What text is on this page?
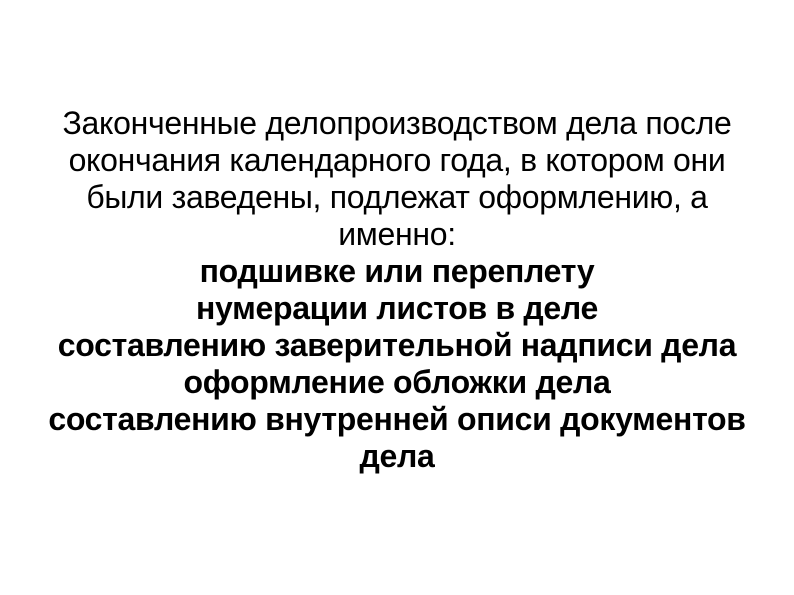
Законченные делопроизводством дела после
окончания календарного года, в котором они
были заведены, подлежат оформлению, а
именно:
подшивке или переплету
нумерации листов в деле
составлению заверительной надписи дела
оформление обложки дела
составлению внутренней описи документов дела
